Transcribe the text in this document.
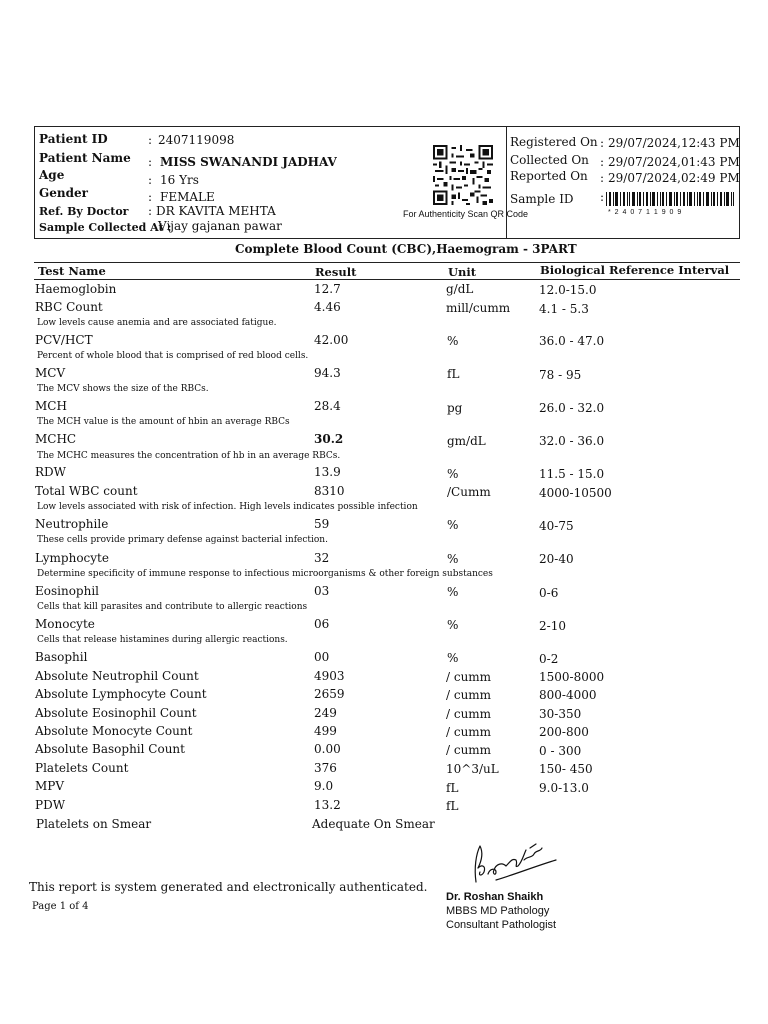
Patient ID	: 2407119098
Patient Name : MISS SWANANDI JADHAV
Age	: 16 Yrs
Gender	: FEMALE
Ref. By Doctor : DR KAVITA MEHTA
Sample Collected At :
Vijay gajanan pawar
For Authenticity Scan QR Code
Registered On : 29/07/2024,12:43 PM
Collected On : 29/07/2024,01:43 PM
Reported On : 29/07/2024,02:49 PM
Sample ID :
* 2 4 0 7 1 1 9 0 9
Complete Blood Count (CBC),Haemogram - 3PART
Test Name	Result	Unit	Biological Reference Interval
Haemoglobin	12.7	g/dL	12.0-15.0
RBC Count	4.46	mill/cumm 4.1 - 5.3
Low levels cause anemia and are associated fatigue.
PCV/HCT	42.00	%	36.0 - 47.0
Percent of whole blood that is comprised of red blood cells.
MCV	94.3	fL	78 - 95
The MCV shows the size of the RBCs.
MCH	28.4	pg	26.0 - 32.0
The MCH value is the amount of hbin an average RBCs
MCHC	30.2	gm/dL	32.0 - 36.0
The MCHC measures the concentration of hb in an average RBCs.
RDW	13.9	%	11.5 - 15.0
Total WBC count	8310	/Cumm	4000-10500
Low levels associated with risk of infection. High levels indicates possible infection
Neutrophile	59	%	40-75
These cells provide primary defense against bacterial infection.
Lymphocyte	32	%	20-40
Determine specificity of immune response to infectious microorganisms & other foreign substances
Eosinophil	03	%	0-6
Cells that kill parasites and contribute to allergic reactions
Monocyte	06	%	2-10
Cells that release histamines during allergic reactions.
Basophil	00	%	0-2
Absolute Neutrophil Count	4903	/ cumm	1500-8000
Absolute Lymphocyte Count	2659	/ cumm	800-4000
Absolute Eosinophil Count	249	/ cumm	30-350
Absolute Monocyte Count	499	/ cumm	200-800
Absolute Basophil Count	0.00	/ cumm	0 - 300
Platelets Count	376	10^3/uL	150- 450
MPV	9.0	fL	9.0-13.0
PDW	13.2	fL
Platelets on Smear	Adequate On Smear
This report is system generated and electronically authenticated.
Page 1 of 4
Dr. Roshan Shaikh
MBBS MD Pathology
Consultant Pathologist
